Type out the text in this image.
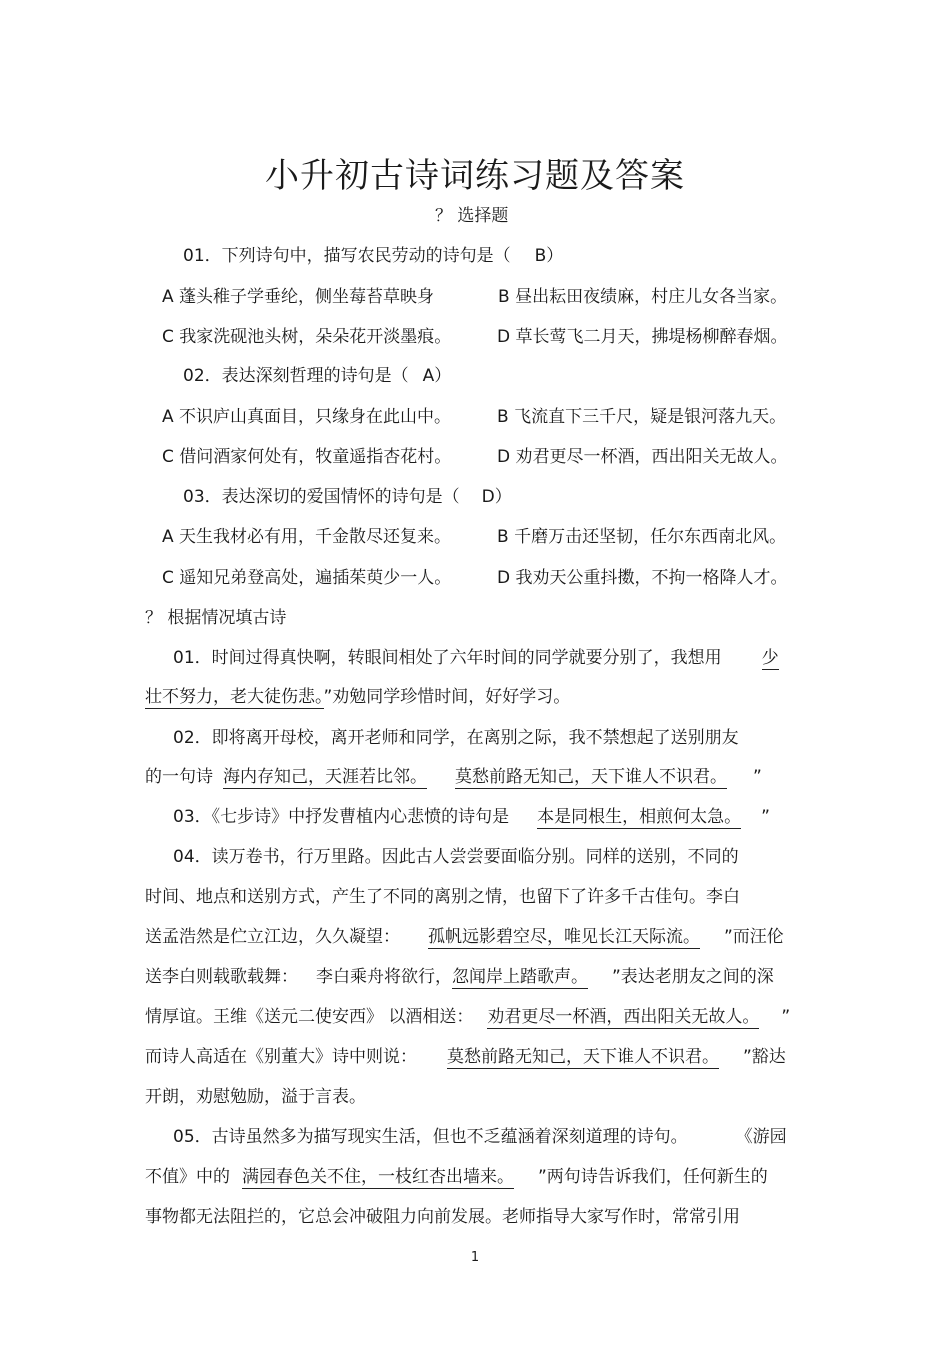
小升初古诗词练习题及答案
？ 选择题
01．下列诗句中，描写农民劳动的诗句是（ B）
A 蓬头稚子学垂纶，侧坐莓苔草映身	B 昼出耘田夜绩麻，村庄儿女各当家。
C 我家洗砚池头树，朵朵花开淡墨痕。	D 草长莺飞二月天，拂堤杨柳醉春烟。
02．表达深刻哲理的诗句是（ A）
A 不识庐山真面目，只缘身在此山中。	B 飞流直下三千尺，疑是银河落九天。
C 借问酒家何处有，牧童遥指杏花村。	D 劝君更尽一杯酒，西出阳关无故人。
03．表达深切的爱国情怀的诗句是（ D）
A 天生我材必有用，千金散尽还复来。	B 千磨万击还坚韧，任尔东西南北风。
C 遥知兄弟登高处，遍插茱萸少一人。	D 我劝天公重抖擞，不拘一格降人才。
？ 根据情况填古诗
01．时间过得真快啊，转眼间相处了六年时间的同学就要分别了，我想用 少
壮不努力，老大徒伤悲。”劝勉同学珍惜时间，好好学习。
02．即将离开母校，离开老师和同学，在离别之际，我不禁想起了送别朋友
的一句诗 海内存知己，天涯若比邻。 莫愁前路无知己，天下谁人不识君。 ”
03．《七步诗》中抒发曹植内心悲愤的诗句是 本是同根生，相煎何太急。 ”
04．读万卷书，行万里路。因此古人尝尝要面临分别。同样的送别，不同的
时间、地点和送别方式，产生了不同的离别之情，也留下了许多千古佳句。李白
送孟浩然是伫立江边，久久凝望： 孤帆远影碧空尽，唯见长江天际流。 ”而汪伦
送李白则载歌载舞： 李白乘舟将欲行，忽闻岸上踏歌声。 ”表达老朋友之间的深
情厚谊。王维《送元二使安西》 以酒相送： 劝君更尽一杯酒，西出阳关无故人。 ”
而诗人高适在《别董大》诗中则说： 莫愁前路无知己，天下谁人不识君。 ”豁达
开朗，劝慰勉励，溢于言表。
05．古诗虽然多为描写现实生活，但也不乏蕴涵着深刻道理的诗句。	《游园
不值》中的 满园春色关不住，一枝红杏出墙来。 ”两句诗告诉我们，任何新生的
事物都无法阻拦的，它总会冲破阻力向前发展。老师指导大家写作时，常常引用
1
